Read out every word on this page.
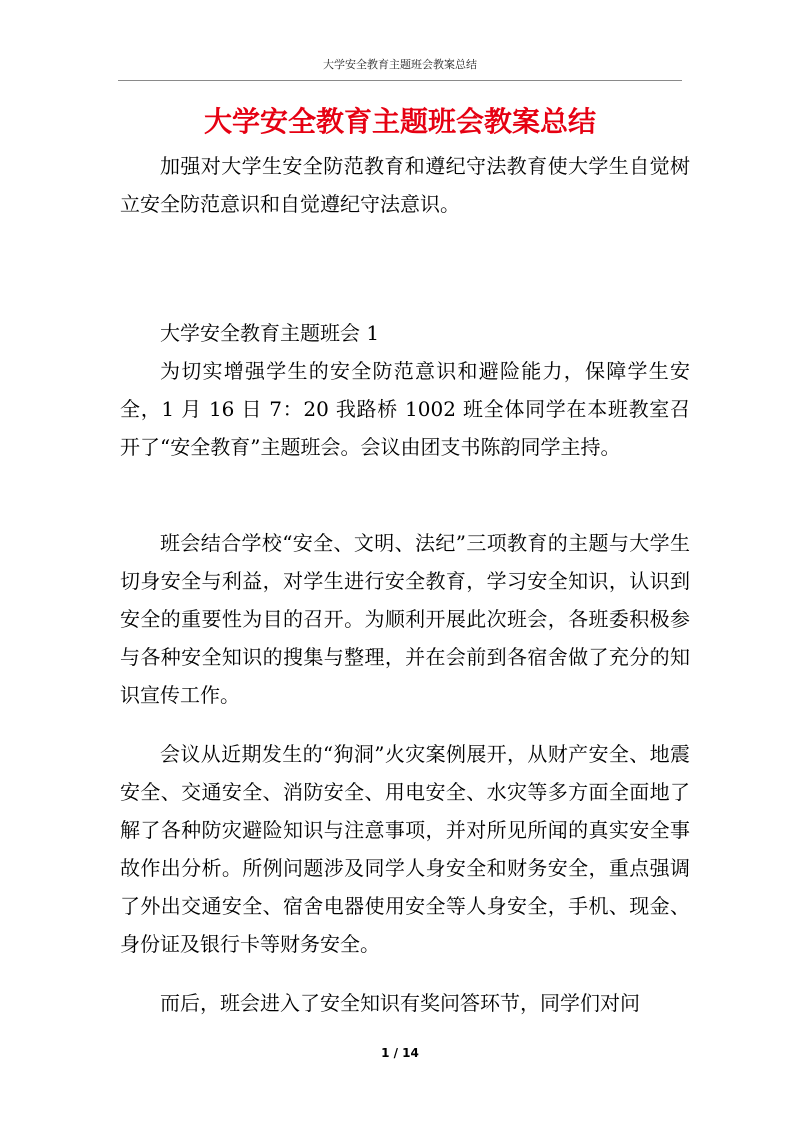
大学安全教育主题班会教案总结
大学安全教育主题班会教案总结

加强对大学生安全防范教育和遵纪守法教育使大学生自觉树立安全防范意识和自觉遵纪守法意识。

大学安全教育主题班会 1

为切实增强学生的安全防范意识和避险能力，保障学生安全，1 月 16 日 7：20 我路桥 1002 班全体同学在本班教室召开了“安全教育”主题班会。会议由团支书陈韵同学主持。

班会结合学校“安全、文明、法纪”三项教育的主题与大学生切身安全与利益，对学生进行安全教育，学习安全知识，认识到安全的重要性为目的召开。为顺利开展此次班会，各班委积极参与各种安全知识的搜集与整理，并在会前到各宿舍做了充分的知识宣传工作。

会议从近期发生的“狗洞”火灾案例展开，从财产安全、地震安全、交通安全、消防安全、用电安全、水灾等多方面全面地了解了各种防灾避险知识与注意事项，并对所见所闻的真实安全事故作出分析。所例问题涉及同学人身安全和财务安全，重点强调了外出交通安全、宿舍电器使用安全等人身安全，手机、现金、身份证及银行卡等财务安全。

而后，班会进入了安全知识有奖问答环节，同学们对问

1 / 14
